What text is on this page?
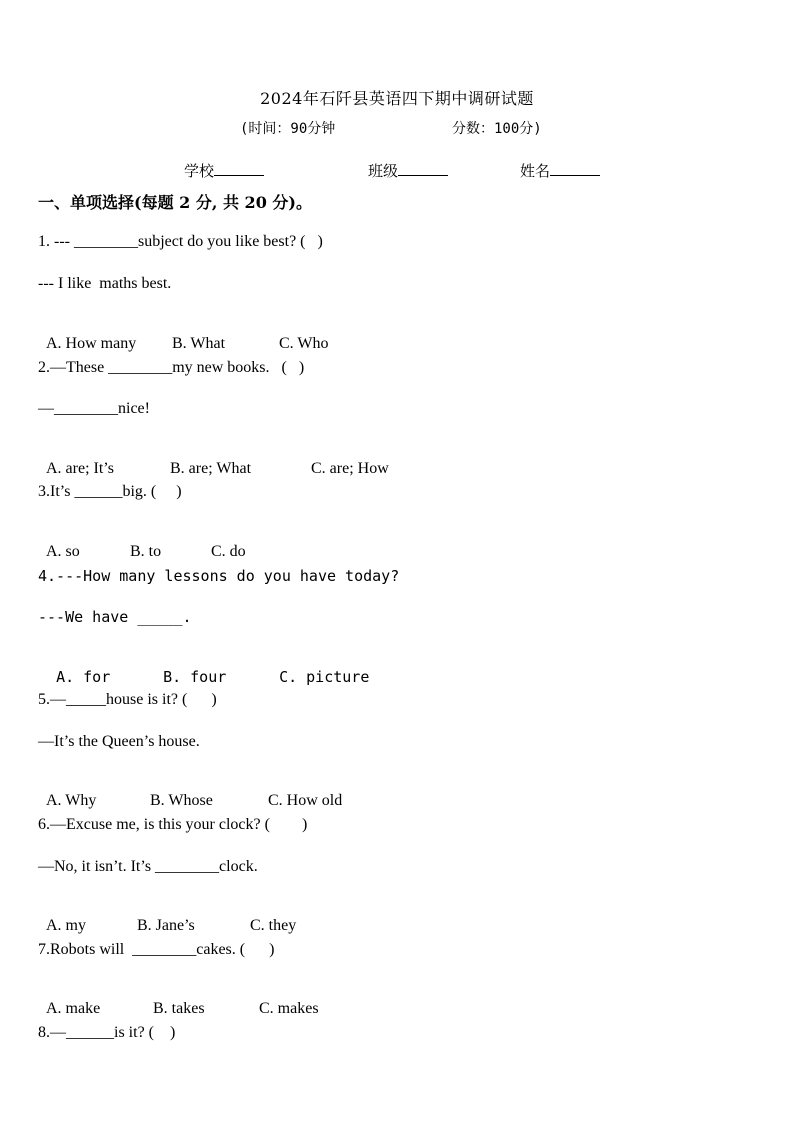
2024年石阡县英语四下期中调研试题
(时间：90分钟	分数：100分)
学校	班级	姓名
一、单项选择(每题 2 分, 共 20 分)。
1. --- ________subject do you like best? (   )
--- I like  maths best.

A. How many B. What	C. Who

2.—These ________my new books.   (   )
—________nice!

A. are; It’s	B. are; What	C. are; How

3.It’s ______big. (     )

A. so	B. to	C. do

4.---How many lessons do you have today?
---We have _____.

A. for	B. four	C. picture

5.—_____house is it? (      )
—It’s the Queen’s house.

A. Why	B. Whose	C. How old

6.—Excuse me, is this your clock? (        )
—No, it isn’t. It’s ________clock.

A. my	B. Jane’s	C. they

7.Robots will  ________cakes. (      )

A. make	B. takes	C. makes

8.—______is it? (    )
